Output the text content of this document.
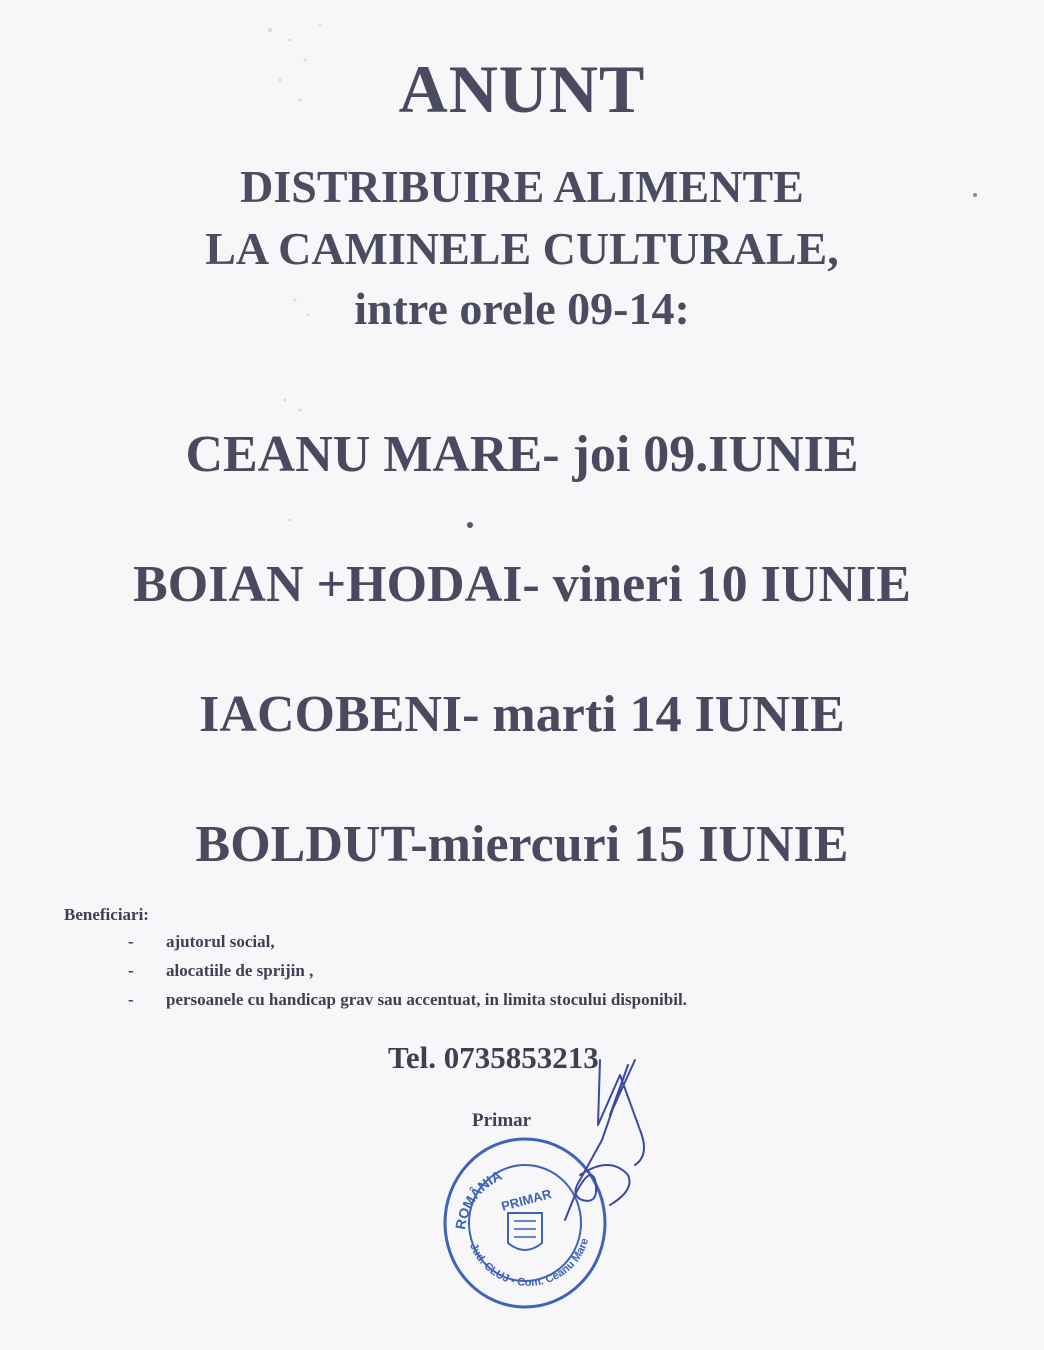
ANUNT
DISTRIBUIRE ALIMENTE
LA CAMINELE CULTURALE,
intre orele 09-14:
CEANU MARE- joi 09.IUNIE
BOIAN +HODAI- vineri 10 IUNIE
IACOBENI- marti 14 IUNIE
BOLDUT-miercuri 15 IUNIE
Beneficiari:
- ajutorul social,
- alocatiile de sprijin ,
- persoanele cu handicap grav sau accentuat, in limita stocului disponibil.
Tel. 0735853213
Primar
ROMÂNIA
PRIMAR
Jud. CLUJ - Com. Ceanu Mare
